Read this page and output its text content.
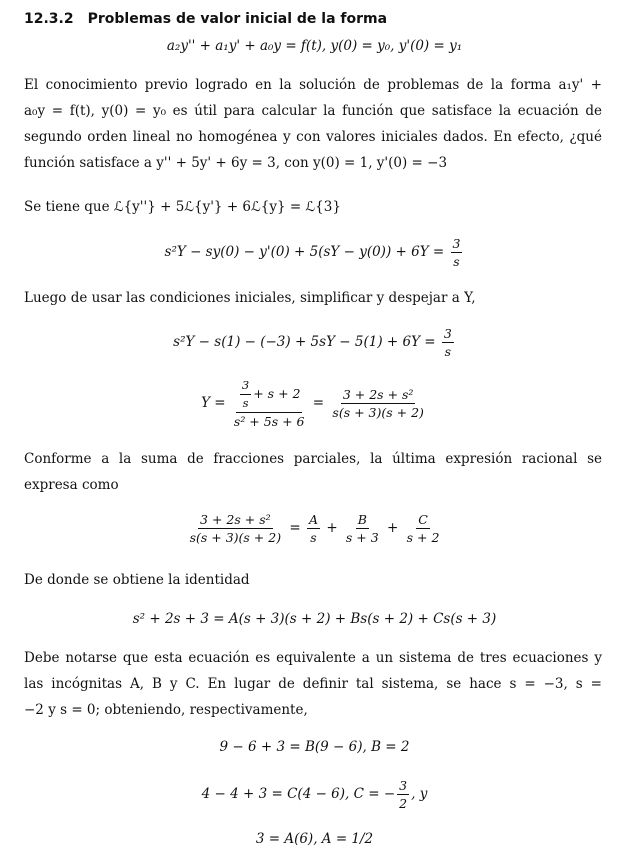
12.3.2 Problemas de valor inicial de la forma
a₂y'' + a₁y' + a₀y = f(t), y(0) = y₀, y'(0) = y₁
El conocimiento previo logrado en la solución de problemas de la forma a₁y' +
a₀y = f(t), y(0) = y₀ es útil para calcular la función que satisface la ecuación de
segundo orden lineal no homogénea y con valores iniciales dados. En efecto, ¿qué
función satisface a y'' + 5y' + 6y = 3, con y(0) = 1, y'(0) = −3
Se tiene que ℒ{y''} + 5ℒ{y'} + 6ℒ{y} = ℒ{3}
$s^2Y - sy(0) - y'(0) + 5(sY - y(0)) + 6Y = \frac{3}{s}$
Luego de usar las condiciones iniciales, simplificar y despejar a Y,
$s^2Y - s(1) - (-3) + 5sY - 5(1) + 6Y = \frac{3}{s}$
$Y = \frac{\frac{3}{s} + s + 2}{\text{s² + 5s + 6}} = \frac{\text{3 + 2s + s²}}{s(s + 3)(s + 2)}$
Conforme a la suma de fracciones parciales, la última expresión racional se
expresa como
$\frac{\text{3 + 2s + s²}}{s(s + 3)(s + 2)} = \frac{A}{s} + \frac{B}{s + 3} + \frac{C}{s + 2}$
De donde se obtiene la identidad
s² + 2s + 3 = A(s + 3)(s + 2) + Bs(s + 2) + Cs(s + 3)
Debe notarse que esta ecuación es equivalente a un sistema de tres ecuaciones y
las incógnitas A, B y C. En lugar de definir tal sistema, se hace s = −3, s =
−2 y s = 0; obteniendo, respectivamente,
9 − 6 + 3 = B(9 − 6), B = 2
4 − 4 + 3 = C(4 − 6), C = − $\frac{3}{2}$ , y
3 = A(6), A = 1/2
